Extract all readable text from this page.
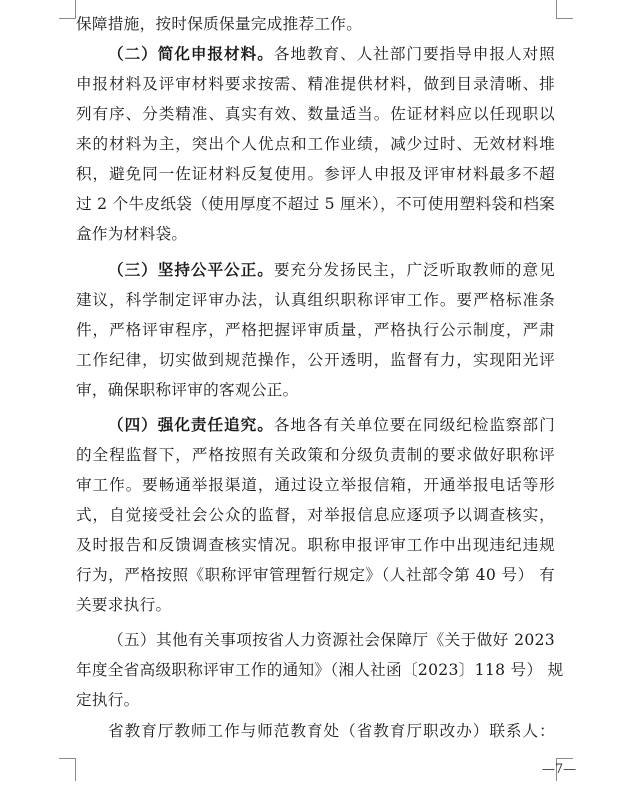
保障措施，按时保质保量完成推荐工作。
（二）简化申报材料。各地教育、人社部门要指导申报人对照
申报材料及评审材料要求按需、精准提供材料，做到目录清晰、排
列有序、分类精准、真实有效、数量适当。佐证材料应以任现职以
来的材料为主，突出个人优点和工作业绩，减少过时、无效材料堆
积，避免同一佐证材料反复使用。参评人申报及评审材料最多不超
过 2 个牛皮纸袋（使用厚度不超过 5 厘米），不可使用塑料袋和档案
盒作为材料袋。
（三）坚持公平公正。要充分发扬民主，广泛听取教师的意见
建议，科学制定评审办法，认真组织职称评审工作。要严格标准条
件，严格评审程序，严格把握评审质量，严格执行公示制度，严肃
工作纪律，切实做到规范操作，公开透明，监督有力，实现阳光评
审，确保职称评审的客观公正。
（四）强化责任追究。各地各有关单位要在同级纪检监察部门
的全程监督下，严格按照有关政策和分级负责制的要求做好职称评
审工作。要畅通举报渠道，通过设立举报信箱，开通举报电话等形
式，自觉接受社会公众的监督，对举报信息应逐项予以调查核实，
及时报告和反馈调查核实情况。职称申报评审工作中出现违纪违规
行为，严格按照《职称评审管理暂行规定》（人社部令第 40 号） 有
关要求执行。
（五）其他有关事项按省人力资源社会保障厅《关于做好 2023
年度全省高级职称评审工作的通知》（湘人社函〔2023〕118 号） 规
定执行。
省教育厅教师工作与师范教育处（省教育厅职改办）联系人：
—7—
